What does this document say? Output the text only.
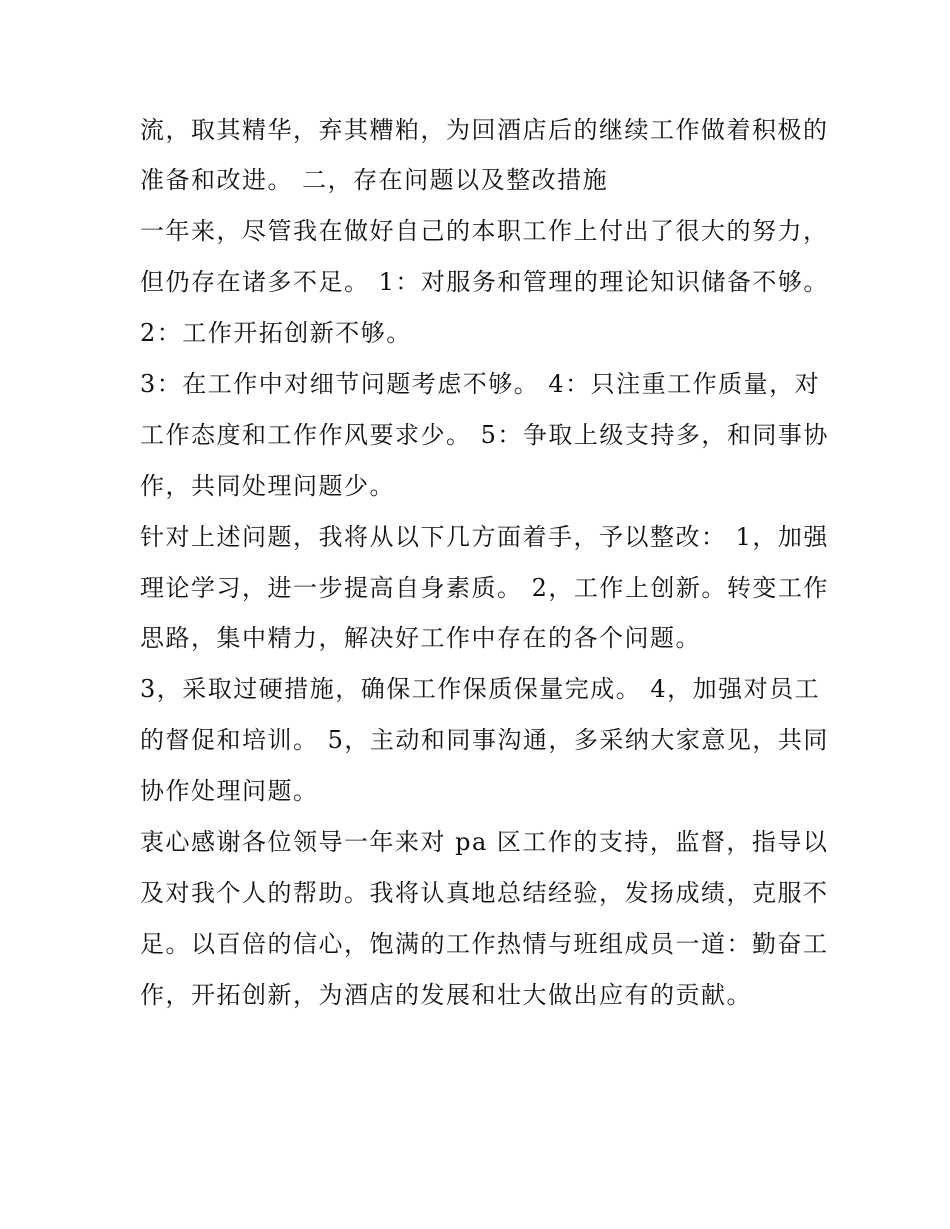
流，取其精华，弃其糟粕，为回酒店后的继续工作做着积极的
准备和改进。 二，存在问题以及整改措施
一年来，尽管我在做好自己的本职工作上付出了很大的努力，
但仍存在诸多不足。 1：对服务和管理的理论知识储备不够。
2：工作开拓创新不够。
3：在工作中对细节问题考虑不够。 4：只注重工作质量，对
工作态度和工作作风要求少。 5：争取上级支持多，和同事协
作，共同处理问题少。
针对上述问题，我将从以下几方面着手，予以整改： 1，加强
理论学习，进一步提高自身素质。 2，工作上创新。转变工作
思路，集中精力，解决好工作中存在的各个问题。
3，采取过硬措施，确保工作保质保量完成。 4，加强对员工
的督促和培训。 5，主动和同事沟通，多采纳大家意见，共同
协作处理问题。
衷心感谢各位领导一年来对 pa 区工作的支持，监督，指导以
及对我个人的帮助。我将认真地总结经验，发扬成绩，克服不
足。以百倍的信心，饱满的工作热情与班组成员一道：勤奋工
作，开拓创新，为酒店的发展和壮大做出应有的贡献。
